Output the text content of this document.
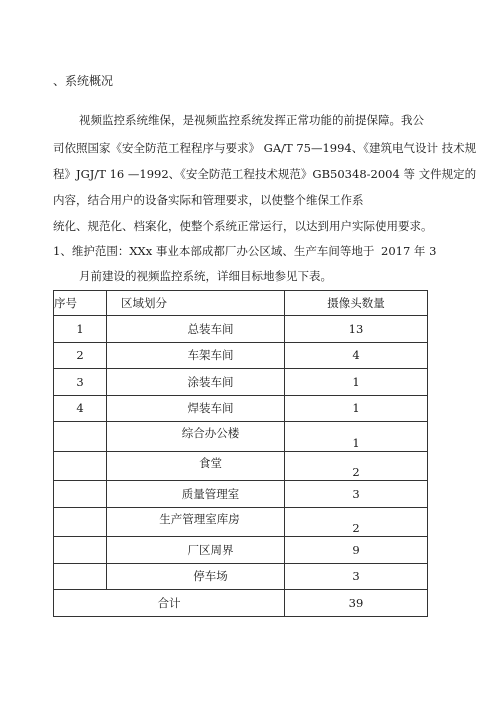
、系统概况
视频监控系统维保，是视频监控系统发挥正常功能的前提保障。我公
司依照国家《安全防范工程程序与要求》 GA/T 75—1994、《建筑电气设计 技术规
程》JGJ/T 16 —1992、《安全防范工程技术规范》GB50348-2004 等 文件规定的
内容，结合用户的设备实际和管理要求，以使整个维保工作系
统化、规范化、档案化，使整个系统正常运行，以达到用户实际使用要求。
1、维护范围：XXx 事业本部成都厂办公区域、生产车间等地于 2017 年 3
月前建设的视频监控系统，详细目标地参见下表。
序号	区域划分	摄像头数量
1	总装车间	13
2	车架车间	4
3	涂装车间	1
4	焊装车间	1
	综合办公楼	1
	食堂	2
	质量管理室	3
	生产管理室库房	2
	厂区周界	9
	停车场	3
合计		39
